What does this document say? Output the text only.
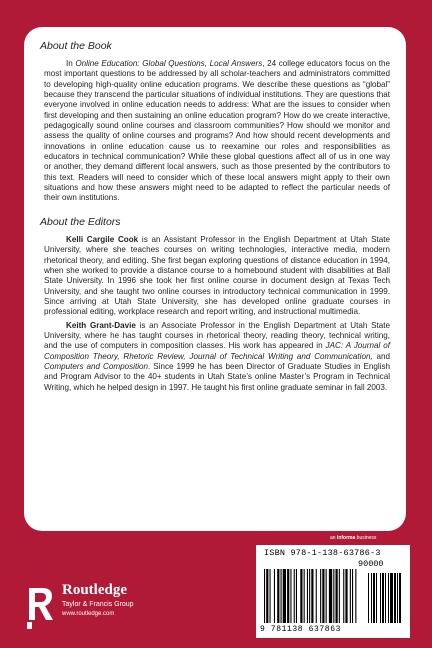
About the Book

In Online Education: Global Questions, Local Answers, 24 college educators focus on the most important questions to be addressed by all scholar-teachers and administrators committed to developing high-quality online education programs. We describe these questions as “global” because they transcend the particular situations of individual institutions. They are questions that everyone involved in online education needs to address: What are the issues to consider when first developing and then sustaining an online education program? How do we create interactive, pedagogically sound online courses and classroom communities? How should we monitor and assess the quality of online courses and programs? And how should recent developments and innovations in online education cause us to reexamine our roles and responsibilities as educators in technical communication? While these global questions affect all of us in one way or another, they demand different local answers, such as those presented by the contributors to this text. Readers will need to consider which of these local answers might apply to their own situations and how these answers might need to be adapted to reflect the particular needs of their own institutions.

About the Editors

Kelli Cargile Cook is an Assistant Professor in the English Department at Utah State University, where she teaches courses on writing technologies, interactive media, modern rhetorical theory, and editing. She first began exploring questions of distance education in 1994, when she worked to provide a distance course to a homebound student with disabilities at Ball State University. In 1996 she took her first online course in document design at Texas Tech University, and she taught two online courses in introductory technical communication in 1999. Since arriving at Utah State University, she has developed online graduate courses in professional editing, workplace research and report writing, and instructional multimedia.

Keith Grant-Davie is an Associate Professor in the English Department at Utah State University, where he has taught courses in rhetorical theory, reading theory, technical writing, and the use of computers in composition classes. His work has appeared in JAC: A Journal of Composition Theory, Rhetoric Review, Journal of Technical Writing and Communication, and Computers and Composition. Since 1999 he has been Director of Graduate Studies in English and Program Advisor to the 40+ students in Utah State’s online Master’s Program in Technical Writing, which he helped design in 1997. He taught his first online graduate seminar in fall 2003.

an informa business
Routledge
Taylor & Francis Group
www.routledge.com
ISBN 978-1-138-63786-3
90000
9 781138 637863
